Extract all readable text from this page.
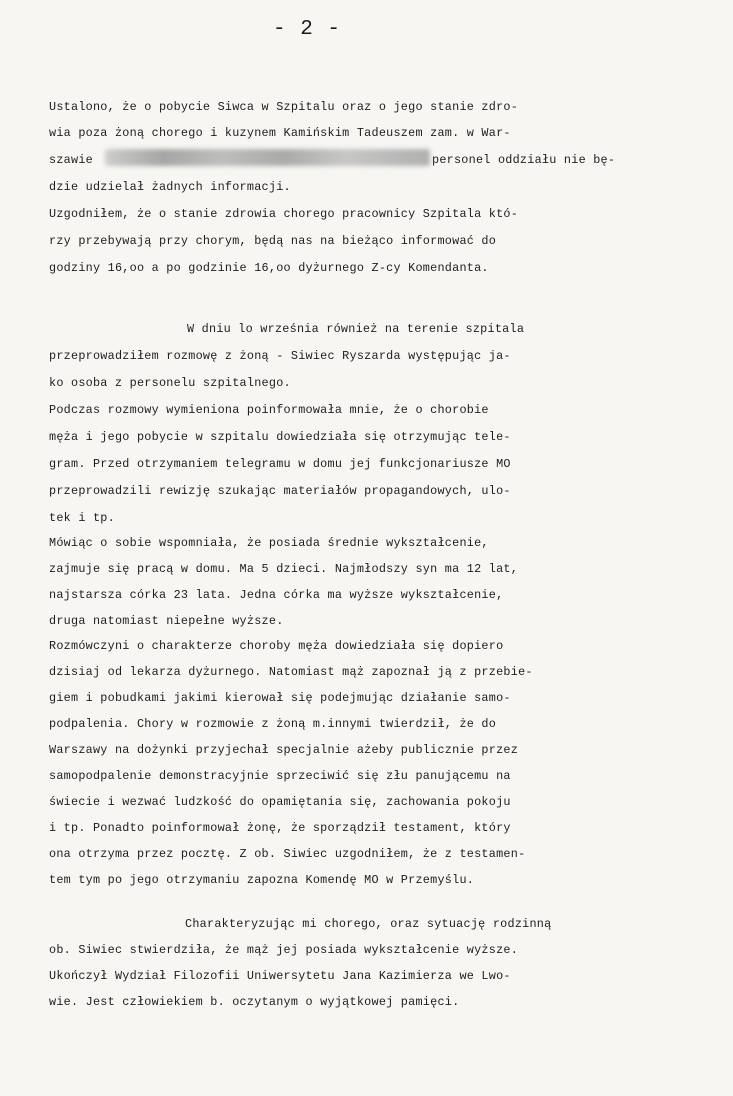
- 2 -
Ustalono, że o pobycie Siwca w Szpitalu oraz o jego stanie zdro-
wia poza żoną chorego i kuzynem Kamińskim Tadeuszem zam. w War-
szawie	personel oddziału nie bę-
dzie udzielał żadnych informacji.
Uzgodniłem, że o stanie zdrowia chorego pracownicy Szpitala któ-
rzy przebywają przy chorym, będą nas na bieżąco informować do
godziny 16,oo a po godzinie 16,oo dyżurnego Z-cy Komendanta.
W dniu lo września również na terenie szpitala
przeprowadziłem rozmowę z żoną - Siwiec Ryszarda występując ja-
ko osoba z personelu szpitalnego.
Podczas rozmowy wymieniona poinformowała mnie, że o chorobie
męża i jego pobycie w szpitalu dowiedziała się otrzymując tele-
gram. Przed otrzymaniem telegramu w domu jej funkcjonariusze MO
przeprowadzili rewizję szukając materiałów propagandowych, ulo-
tek i tp.
Mówiąc o sobie wspomniała, że posiada średnie wykształcenie,
zajmuje się pracą w domu. Ma 5 dzieci. Najmłodszy syn ma 12 lat,
najstarsza córka 23 lata. Jedna córka ma wyższe wykształcenie,
druga natomiast niepełne wyższe.
Rozmówczyni o charakterze choroby męża dowiedziała się dopiero
dzisiaj od lekarza dyżurnego. Natomiast mąż zapoznał ją z przebie-
giem i pobudkami jakimi kierował się podejmując działanie samo-
podpalenia. Chory w rozmowie z żoną m.innymi twierdził, że do
Warszawy na dożynki przyjechał specjalnie ażeby publicznie przez
samopodpalenie demonstracyjnie sprzeciwić się złu panującemu na
świecie i wezwać ludzkość do opamiętania się, zachowania pokoju
i tp. Ponadto poinformował żonę, że sporządził testament, który
ona otrzyma przez pocztę. Z ob. Siwiec uzgodniłem, że z testamen-
tem tym po jego otrzymaniu zapozna Komendę MO w Przemyślu.
Charakteryzując mi chorego, oraz sytuację rodzinną
ob. Siwiec stwierdziła, że mąż jej posiada wykształcenie wyższe.
Ukończył Wydział Filozofii Uniwersytetu Jana Kazimierza we Lwo-
wie. Jest człowiekiem b. oczytanym o wyjątkowej pamięci.
